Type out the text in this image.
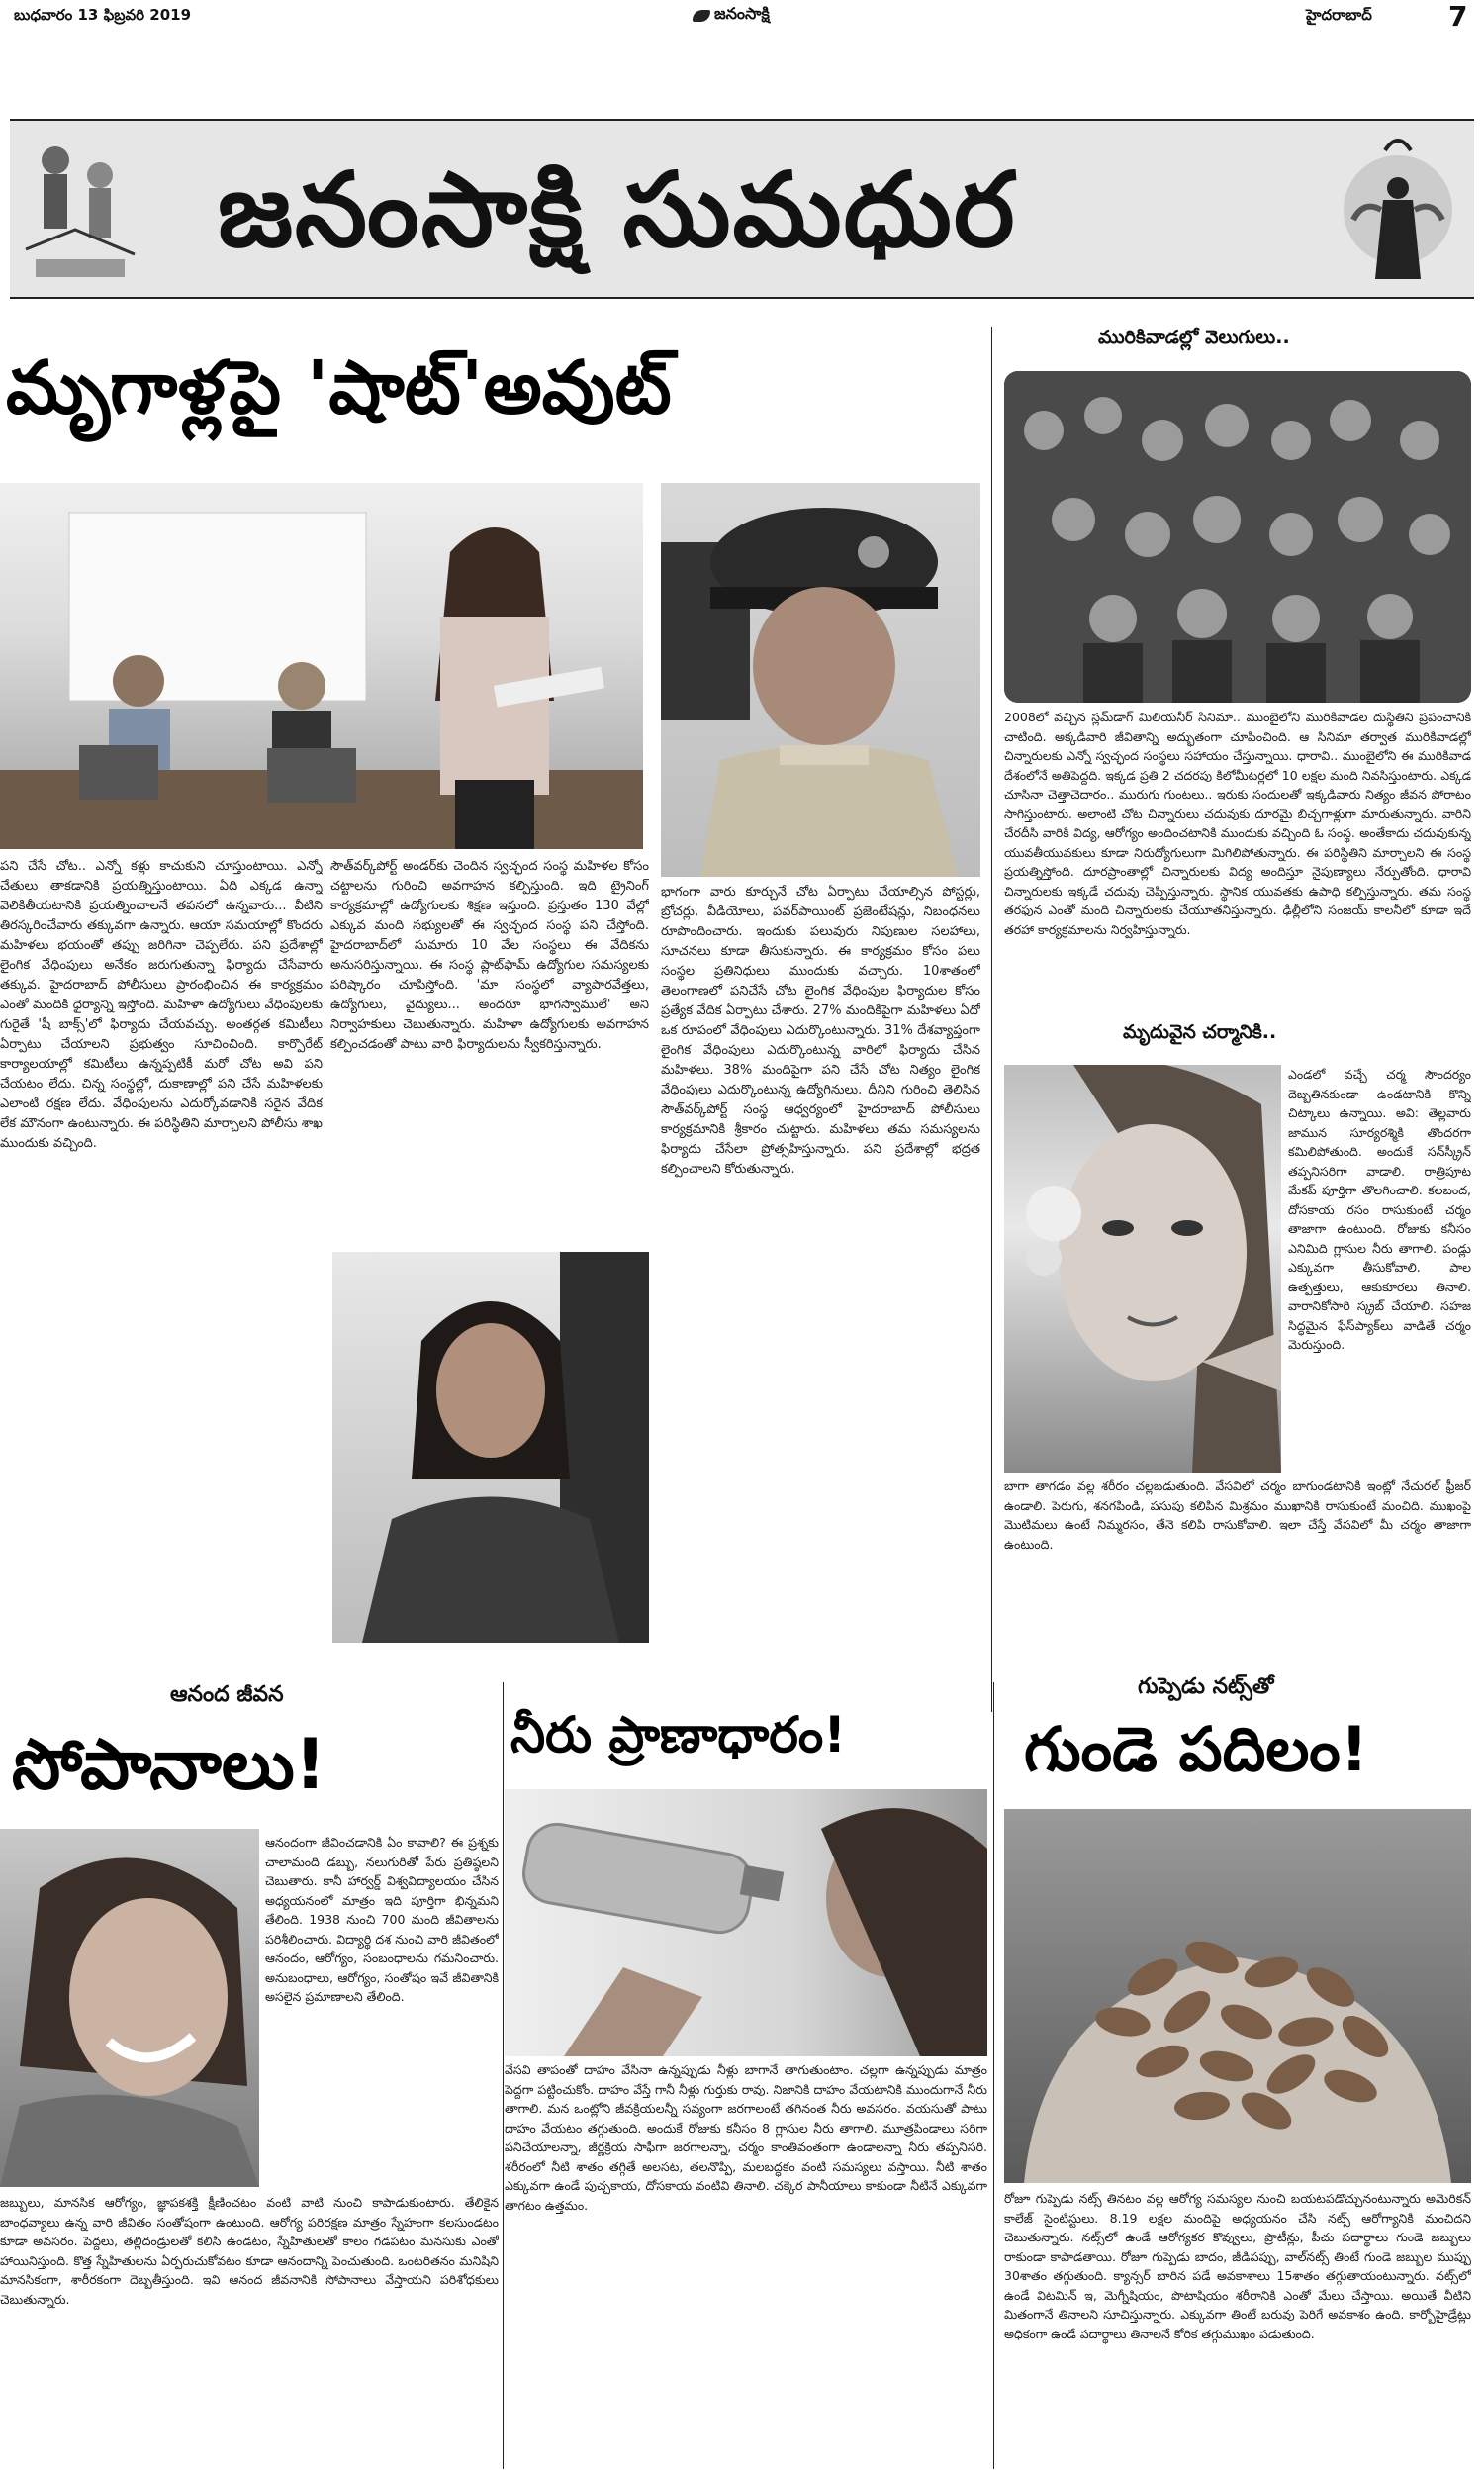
బుధవారం 13 ఫిబ్రవరి 2019	జనంసాక్షి	హైదరాబాద్	7
జనంసాక్షి సుమధుర
మృగాళ్లపై 'షాట్'అవుట్
పని చేసే చోట.. ఎన్నో కళ్లు కాచుకుని చూస్తుంటాయి. ఎన్నో చేతులు తాకడానికి ప్రయత్నిస్తుంటాయి. ఏది ఎక్కడ ఉన్నా వెలికితీయటానికి ప్రయత్నించాలనే తపనలో ఉన్నవారు... వీటిని తిరస్కరించేవారు తక్కువగా ఉన్నారు. ఆయా సమయాల్లో కొందరు మహిళలు భయంతో తప్పు జరిగినా చెప్పలేరు. పని ప్రదేశాల్లో లైంగిక వేధింపులు అనేకం జరుగుతున్నా ఫిర్యాదు చేసేవారు తక్కువ. హైదరాబాద్ పోలీసులు ప్రారంభించిన ఈ కార్యక్రమం ఎంతో మందికి ధైర్యాన్ని ఇస్తోంది. మహిళా ఉద్యోగులు వేధింపులకు గురైతే 'షీ బాక్స్'లో ఫిర్యాదు చేయవచ్చు. అంతర్గత కమిటీలు ఏర్పాటు చేయాలని ప్రభుత్వం సూచించింది. కార్పొరేట్ కార్యాలయాల్లో కమిటీలు ఉన్నప్పటికీ మరో చోట అవి పని చేయటం లేదు. చిన్న సంస్థల్లో, దుకాణాల్లో పని చేసే మహిళలకు ఎలాంటి రక్షణ లేదు. వేధింపులను ఎదుర్కోవడానికి సరైన వేదిక లేక మౌనంగా ఉంటున్నారు. ఈ పరిస్థితిని మార్చాలని పోలీసు శాఖ ముందుకు వచ్చింది.
సౌత్‌వర్క్‌పోర్ట్ అండర్‌కు చెందిన స్వచ్ఛంద సంస్థ మహిళల కోసం చట్టాలను గురించి అవగాహన కల్పిస్తుంది. ఇది ట్రైనింగ్ కార్యక్రమాల్లో ఉద్యోగులకు శిక్షణ ఇస్తుంది. ప్రస్తుతం 130 వేల్లో ఎక్కువ మంది సభ్యులతో ఈ స్వచ్ఛంద సంస్థ పని చేస్తోంది. హైదరాబాద్‌లో సుమారు 10 వేల సంస్థలు ఈ వేదికను అనుసరిస్తున్నాయి. ఈ సంస్థ ప్లాట్‌ఫామ్ ఉద్యోగుల సమస్యలకు పరిష్కారం చూపిస్తోంది. 'మా సంస్థలో వ్యాపారవేత్తలు, ఉద్యోగులు, వైద్యులు... అందరూ భాగస్వాములే' అని నిర్వాహకులు చెబుతున్నారు. మహిళా ఉద్యోగులకు అవగాహన కల్పించడంతో పాటు వారి ఫిర్యాదులను స్వీకరిస్తున్నారు.
భాగంగా వారు కూర్చునే చోట ఏర్పాటు చేయాల్సిన పోస్టర్లు, బ్రోచర్లు, వీడియోలు, పవర్‌పాయింట్ ప్రజెంటేషన్లు, నిబంధనలు రూపొందించారు. ఇందుకు పలువురు నిపుణుల సలహాలు, సూచనలు కూడా తీసుకున్నారు. ఈ కార్యక్రమం కోసం పలు సంస్థల ప్రతినిధులు ముందుకు వచ్చారు. 10శాతంలో తెలంగాణలో పనిచేసే చోట లైంగిక వేధింపుల ఫిర్యాదుల కోసం ప్రత్యేక వేదిక ఏర్పాటు చేశారు. 27% మందికిపైగా మహిళలు ఏదో ఒక రూపంలో వేధింపులు ఎదుర్కొంటున్నారు. 31% దేశవ్యాప్తంగా లైంగిక వేధింపులు ఎదుర్కొంటున్న వారిలో ఫిర్యాదు చేసిన మహిళలు. 38% మందిపైగా పని చేసే చోట నిత్యం లైంగిక వేధింపులు ఎదుర్కొంటున్న ఉద్యోగినులు. దీనిని గురించి తెలిసిన సౌత్‌వర్క్‌పోర్ట్ సంస్థ ఆధ్వర్యంలో హైదరాబాద్ పోలీసులు కార్యక్రమానికి శ్రీకారం చుట్టారు. మహిళలు తమ సమస్యలను ఫిర్యాదు చేసేలా ప్రోత్సహిస్తున్నారు. పని ప్రదేశాల్లో భద్రత కల్పించాలని కోరుతున్నారు.
మురికివాడల్లో వెలుగులు..
2008లో వచ్చిన స్లమ్‌డాగ్ మిలియనీర్ సినిమా.. ముంబైలోని మురికివాడల దుస్థితిని ప్రపంచానికి చాటింది. అక్కడివారి జీవితాన్ని అద్భుతంగా చూపించింది. ఆ సినిమా తర్వాత మురికివాడల్లో చిన్నారులకు ఎన్నో స్వచ్ఛంద సంస్థలు సహాయం చేస్తున్నాయి. ధారావి.. ముంబైలోని ఈ మురికివాడ దేశంలోనే అతిపెద్దది. ఇక్కడ ప్రతి 2 చదరపు కిలోమీటర్లలో 10 లక్షల మంది నివసిస్తుంటారు. ఎక్కడ చూసినా చెత్తాచెదారం.. మురుగు గుంటలు.. ఇరుకు సందులతో ఇక్కడివారు నిత్యం జీవన పోరాటం సాగిస్తుంటారు. అలాంటి చోట చిన్నారులు చదువుకు దూరమై బిచ్చగాళ్లుగా మారుతున్నారు. వారిని చేరదీసి వారికి విద్య, ఆరోగ్యం అందించటానికి ముందుకు వచ్చింది ఓ సంస్థ. అంతేకాదు చదువుకున్న యువతీయువకులు కూడా నిరుద్యోగులుగా మిగిలిపోతున్నారు. ఈ పరిస్థితిని మార్చాలని ఈ సంస్థ ప్రయత్నిస్తోంది. దూరప్రాంతాల్లో చిన్నారులకు విద్య అందిస్తూ నైపుణ్యాలు నేర్పుతోంది. ధారావి చిన్నారులకు ఇక్కడే చదువు చెప్పిస్తున్నారు. స్థానిక యువతకు ఉపాధి కల్పిస్తున్నారు. తమ సంస్థ తరఫున ఎంతో మంది చిన్నారులకు చేయూతనిస్తున్నారు. ఢిల్లీలోని సంజయ్ కాలనీలో కూడా ఇదే తరహా కార్యక్రమాలను నిర్వహిస్తున్నారు.
మృదువైన చర్మానికి..
ఎండలో వచ్చే చర్మ సౌందర్యం దెబ్బతినకుండా ఉండటానికి కొన్ని చిట్కాలు ఉన్నాయి. అవి: తెల్లవారు జామున సూర్యరశ్మికి తొందరగా కమిలిపోతుంది. అందుకే సన్‌స్క్రీన్ తప్పనిసరిగా వాడాలి. రాత్రిపూట మేకప్ పూర్తిగా తొలగించాలి. కలబంద, దోసకాయ రసం రాసుకుంటే చర్మం తాజాగా ఉంటుంది. రోజుకు కనీసం ఎనిమిది గ్లాసుల నీరు తాగాలి. పండ్లు ఎక్కువగా తీసుకోవాలి. పాల ఉత్పత్తులు, ఆకుకూరలు తినాలి. వారానికోసారి స్క్రబ్ చేయాలి. సహజ సిద్ధమైన ఫేస్‌ప్యాక్‌లు వాడితే చర్మం మెరుస్తుంది.
బాగా తాగడం వల్ల శరీరం చల్లబడుతుంది. వేసవిలో చర్మం బాగుండటానికి ఇంట్లో నేచురల్ ఫ్రీజర్ ఉండాలి. పెరుగు, శనగపిండి, పసుపు కలిపిన మిశ్రమం ముఖానికి రాసుకుంటే మంచిది. ముఖంపై మొటిమలు ఉంటే నిమ్మరసం, తేనె కలిపి రాసుకోవాలి. ఇలా చేస్తే వేసవిలో మీ చర్మం తాజాగా ఉంటుంది.
ఆనంద జీవన
సోపానాలు!
ఆనందంగా జీవించడానికి ఏం కావాలి? ఈ ప్రశ్నకు చాలామంది డబ్బు, నలుగురితో పేరు ప్రతిష్ఠలని చెబుతారు. కానీ హార్వర్డ్ విశ్వవిద్యాలయం చేసిన అధ్యయనంలో మాత్రం ఇది పూర్తిగా భిన్నమని తేలింది. 1938 నుంచి 700 మంది జీవితాలను పరిశీలించారు. విద్యార్థి దశ నుంచి వారి జీవితంలో ఆనందం, ఆరోగ్యం, సంబంధాలను గమనించారు. అనుబంధాలు, ఆరోగ్యం, సంతోషం ఇవే జీవితానికి అసలైన ప్రమాణాలని తేలింది.
జబ్బులు, మానసిక ఆరోగ్యం, జ్ఞాపకశక్తి క్షీణించటం వంటి వాటి నుంచి కాపాడుకుంటారు. తేలికైన బాంధవ్యాలు ఉన్న వారి జీవితం సంతోషంగా ఉంటుంది. ఆరోగ్య పరిరక్షణ మాత్రం స్నేహంగా కలసుండటం కూడా అవసరం. పెద్దలు, తల్లిదండ్రులతో కలిసి ఉండటం, స్నేహితులతో కాలం గడపటం మనసుకు ఎంతో హాయినిస్తుంది. కొత్త స్నేహితులను ఏర్పరుచుకోవటం కూడా ఆనందాన్ని పెంచుతుంది. ఒంటరితనం మనిషిని మానసికంగా, శారీరకంగా దెబ్బతీస్తుంది. ఇవి ఆనంద జీవనానికి సోపానాలు వేస్తాయని పరిశోధకులు చెబుతున్నారు.
నీరు ప్రాణాధారం!
వేసవి తాపంతో దాహం వేసినా ఉన్నప్పుడు నీళ్లు బాగానే తాగుతుంటాం. చల్లగా ఉన్నప్పుడు మాత్రం పెద్దగా పట్టించుకోం. దాహం వేస్తే గానీ నీళ్లు గుర్తుకు రావు. నిజానికి దాహం వేయటానికి ముందుగానే నీరు తాగాలి. మన ఒంట్లోని జీవక్రియలన్నీ సవ్యంగా జరగాలంటే తగినంత నీరు అవసరం. వయసుతో పాటు దాహం వేయటం తగ్గుతుంది. అందుకే రోజుకు కనీసం 8 గ్లాసుల నీరు తాగాలి. మూత్రపిండాలు సరిగా పనిచేయాలన్నా, జీర్ణక్రియ సాఫీగా జరగాలన్నా, చర్మం కాంతివంతంగా ఉండాలన్నా నీరు తప్పనిసరి. శరీరంలో నీటి శాతం తగ్గితే అలసట, తలనొప్పి, మలబద్ధకం వంటి సమస్యలు వస్తాయి. నీటి శాతం ఎక్కువగా ఉండే పుచ్చకాయ, దోసకాయ వంటివి తినాలి. చక్కెర పానీయాలు కాకుండా నీటినే ఎక్కువగా తాగటం ఉత్తమం.
గుప్పెడు నట్స్‌తో
గుండె పదిలం!
రోజూ గుప్పెడు నట్స్ తినటం వల్ల ఆరోగ్య సమస్యల నుంచి బయటపడొచ్చునంటున్నారు అమెరికన్ కాలేజ్ సైంటిస్టులు. 8.19 లక్షల మందిపై అధ్యయనం చేసి నట్స్ ఆరోగ్యానికి మంచిదని చెబుతున్నారు. నట్స్‌లో ఉండే ఆరోగ్యకర కొవ్వులు, ప్రొటీన్లు, పీచు పదార్థాలు గుండె జబ్బులు రాకుండా కాపాడతాయి. రోజూ గుప్పెడు బాదం, జీడిపప్పు, వాల్‌నట్స్ తింటే గుండె జబ్బుల ముప్పు 30శాతం తగ్గుతుంది. క్యాన్సర్ బారిన పడే అవకాశాలు 15శాతం తగ్గుతాయంటున్నారు. నట్స్‌లో ఉండే విటమిన్ ఇ, మెగ్నీషియం, పొటాషియం శరీరానికి ఎంతో మేలు చేస్తాయి. అయితే వీటిని మితంగానే తినాలని సూచిస్తున్నారు. ఎక్కువగా తింటే బరువు పెరిగే అవకాశం ఉంది. కార్బోహైడ్రేట్లు అధికంగా ఉండే పదార్థాలు తినాలనే కోరిక తగ్గుముఖం పడుతుంది.
